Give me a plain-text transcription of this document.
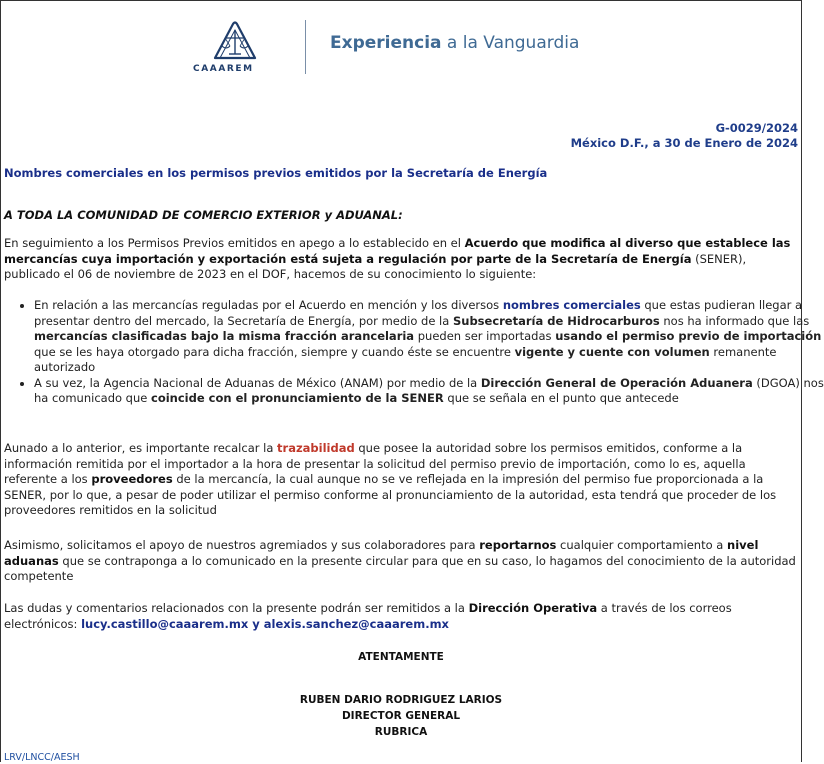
CAAAREM
Experiencia a la Vanguardia
G-0029/2024
México D.F., a 30 de Enero de 2024
Nombres comerciales en los permisos previos emitidos por la Secretaría de Energía
A TODA LA COMUNIDAD DE COMERCIO EXTERIOR y ADUANAL:

En seguimiento a los Permisos Previos emitidos en apego a lo establecido en el Acuerdo que modifica al diverso que establece las mercancías cuya importación y exportación está sujeta a regulación por parte de la Secretaría de Energía (SENER), publicado el 06 de noviembre de 2023 en el DOF, hacemos de su conocimiento lo siguiente:

• En relación a las mercancías reguladas por el Acuerdo en mención y los diversos nombres comerciales que estas pudieran llegar a presentar dentro del mercado, la Secretaría de Energía, por medio de la Subsecretaría de Hidrocarburos nos ha informado que las mercancías clasificadas bajo la misma fracción arancelaria pueden ser importadas usando el permiso previo de importación que se les haya otorgado para dicha fracción, siempre y cuando éste se encuentre vigente y cuente con volumen remanente autorizado
• A su vez, la Agencia Nacional de Aduanas de México (ANAM) por medio de la Dirección General de Operación Aduanera (DGOA) nos ha comunicado que coincide con el pronunciamiento de la SENER que se señala en el punto que antecede

Aunado a lo anterior, es importante recalcar la trazabilidad que posee la autoridad sobre los permisos emitidos, conforme a la información remitida por el importador a la hora de presentar la solicitud del permiso previo de importación, como lo es, aquella referente a los proveedores de la mercancía, la cual aunque no se ve reflejada en la impresión del permiso fue proporcionada a la SENER, por lo que, a pesar de poder utilizar el permiso conforme al pronunciamiento de la autoridad, esta tendrá que proceder de los proveedores remitidos en la solicitud

Asimismo, solicitamos el apoyo de nuestros agremiados y sus colaboradores para reportarnos cualquier comportamiento a nivel aduanas que se contraponga a lo comunicado en la presente circular para que en su caso, lo hagamos del conocimiento de la autoridad competente

Las dudas y comentarios relacionados con la presente podrán ser remitidos a la Dirección Operativa a través de los correos electrónicos: lucy.castillo@caaarem.mx y alexis.sanchez@caaarem.mx

ATENTAMENTE
RUBEN DARIO RODRIGUEZ LARIOS
DIRECTOR GENERAL
RUBRICA
LRV/LNCC/AESH
